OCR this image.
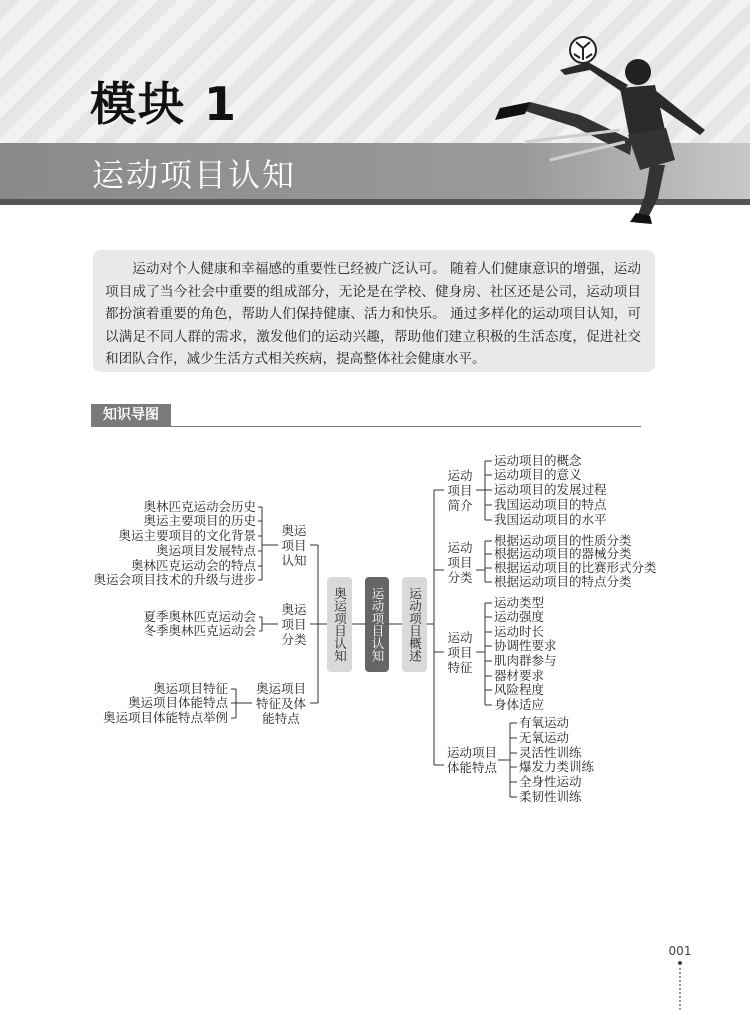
模块 1
运动项目认知
运动对个人健康和幸福感的重要性已经被广泛认可。 随着人们健康意识的增强，运动项目成了当今社会中重要的组成部分，无论是在学校、健身房、社区还是公司，运动项目都扮演着重要的角色，帮助人们保持健康、活力和快乐。 通过多样化的运动项目认知，可以满足不同人群的需求，激发他们的运动兴趣，帮助他们建立积极的生活态度，促进社交和团队合作，减少生活方式相关疾病，提高整体社会健康水平。
知识导图
奥林匹克运动会历史
奥运主要项目的历史
奥运主要项目的文化背景
奥运项目发展特点
奥林匹克运动会的特点
奥运会项目技术的升级与进步
奥运项目认知
夏季奥林匹克运动会
冬季奥林匹克运动会
奥运项目分类
奥运项目特征
奥运项目体能特点
奥运项目体能特点举例
奥运项目特征及体能特点
奥运项目认知	运动项目认知	运动项目概述
运动项目简介
运动项目的概念
运动项目的意义
运动项目的发展过程
我国运动项目的特点
我国运动项目的水平
运动项目分类
根据运动项目的性质分类
根据运动项目的器械分类
根据运动项目的比赛形式分类
根据运动项目的特点分类
运动项目特征
运动类型
运动强度
运动时长
协调性要求
肌肉群参与
器材要求
风险程度
身体适应
运动项目体能特点
有氧运动
无氧运动
灵活性训练
爆发力类训练
全身性运动
柔韧性训练
001
